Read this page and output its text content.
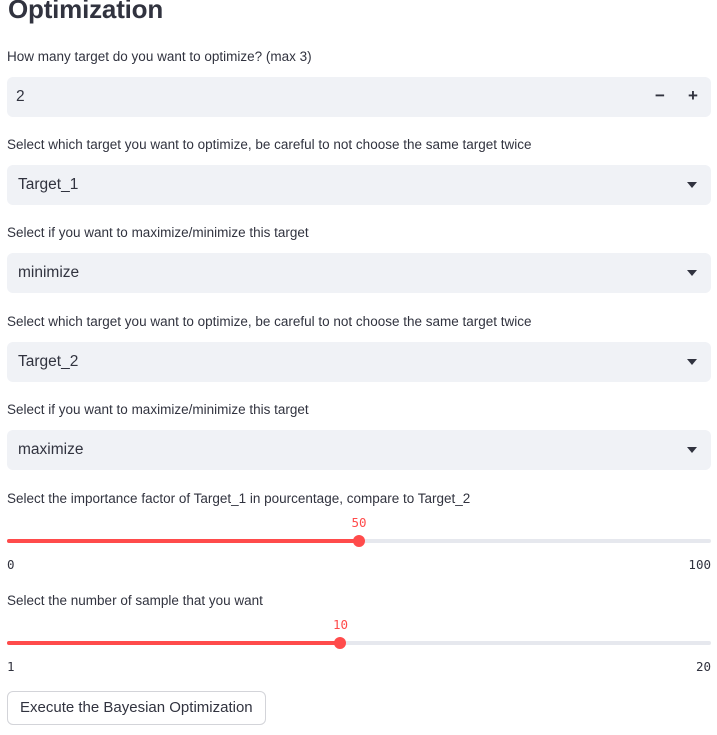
Optimization
How many target do you want to optimize? (max 3)
2	−	+
Select which target you want to optimize, be careful to not choose the same target twice
Target_1
Select if you want to maximize/minimize this target
minimize
Select which target you want to optimize, be careful to not choose the same target twice
Target_2
Select if you want to maximize/minimize this target
maximize
Select the importance factor of Target_1 in pourcentage, compare to Target_2
50
0	100
Select the number of sample that you want
10
1	20
Execute the Bayesian Optimization
